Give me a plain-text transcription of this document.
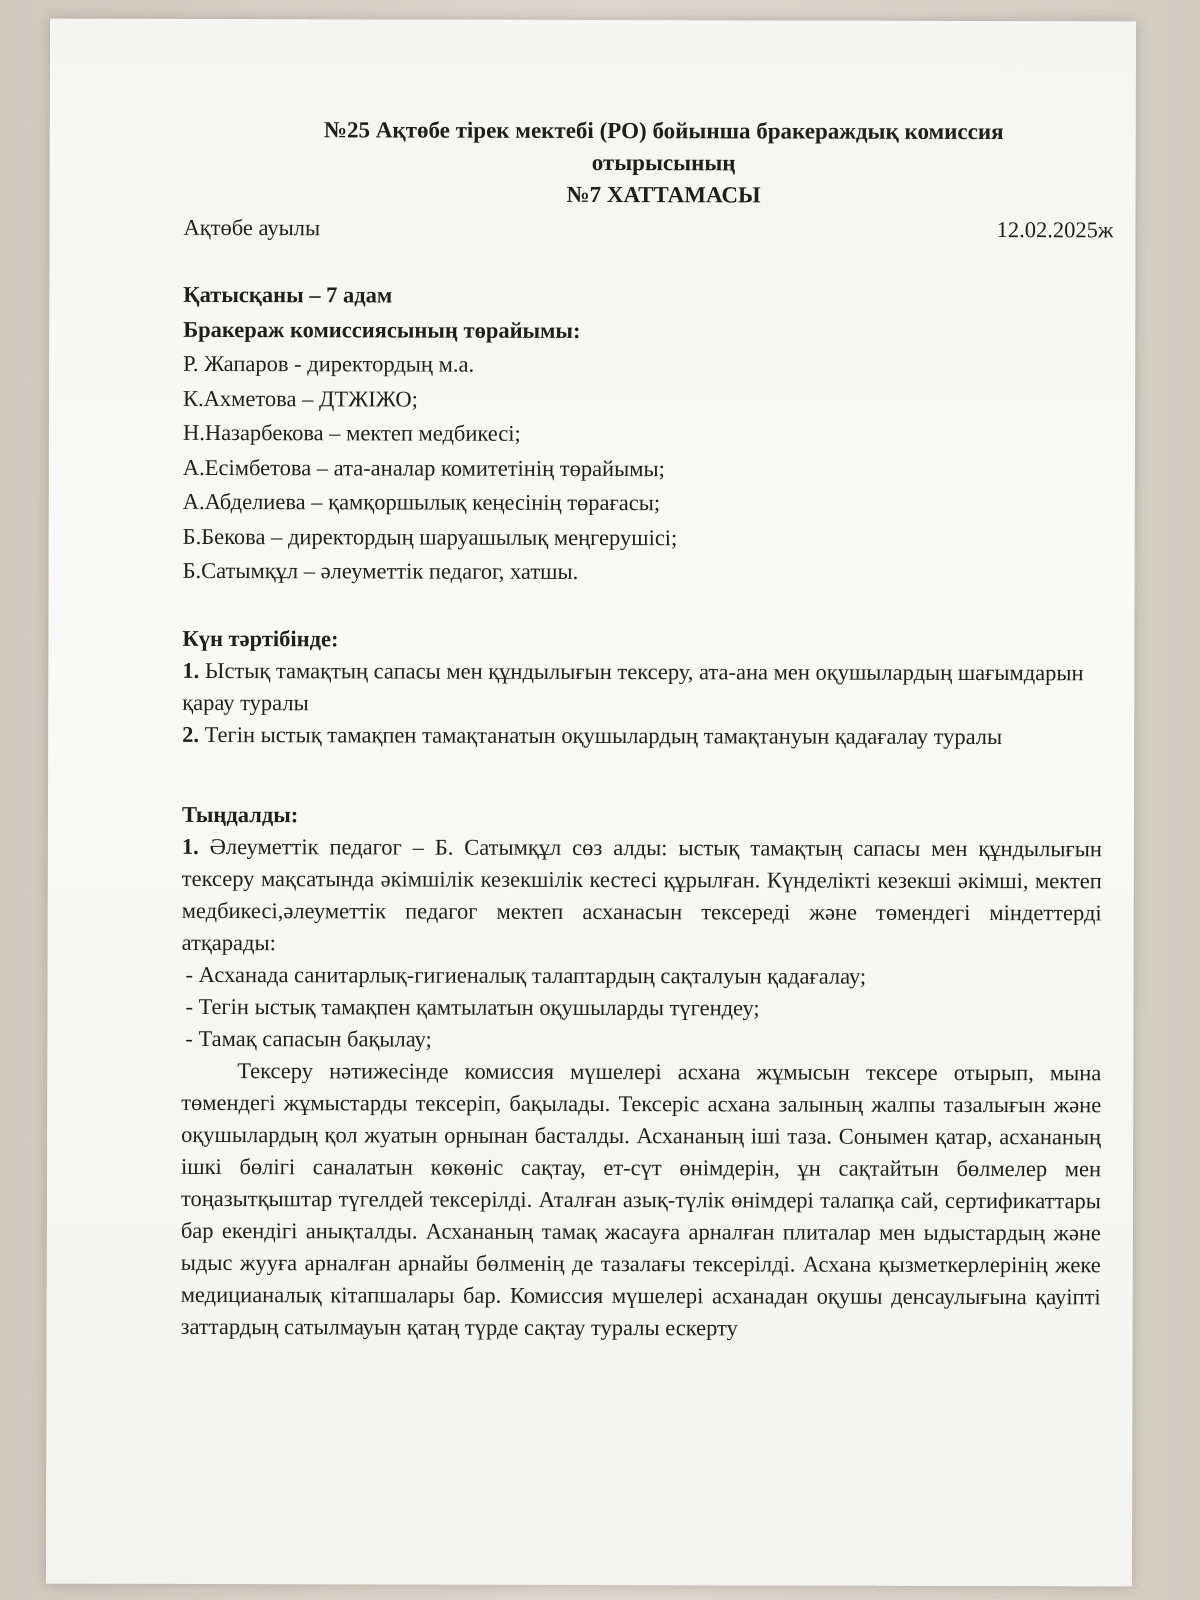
№25 Ақтөбе тірек мектебі (РО) бойынша бракераждық комиссия
отырысының
№7 ХАТТАМАСЫ
Ақтөбе ауылы	12.02.2025ж
Қатысқаны – 7 адам
Бракераж комиссиясының төрайымы:
Р. Жапаров - директордың м.а.
К.Ахметова – ДТЖІЖО;
Н.Назарбекова – мектеп медбикесі;
А.Есімбетова – ата-аналар комитетінің төрайымы;
А.Абделиева – қамқоршылық кеңесінің төрағасы;
Б.Бекова – директордың шаруашылық меңгерушісі;
Б.Сатымқұл – әлеуметтік педагог, хатшы.
Күн тәртібінде:
1. Ыстық тамақтың сапасы мен құндылығын тексеру, ата-ана мен оқушылардың шағымдарын қарау туралы
2. Тегін ыстық тамақпен тамақтанатын оқушылардың тамақтануын қадағалау туралы
Тыңдалды:
1. Әлеуметтік педагог – Б. Сатымқұл сөз алды: ыстық тамақтың сапасы мен құндылығын тексеру мақсатында әкімшілік кезекшілік кестесі құрылған. Күнделікті кезекші әкімші, мектеп медбикесі,әлеуметтік педагог мектеп асханасын тексереді және төмендегі міндеттерді атқарады:
- Асханада санитарлық-гигиеналық талаптардың сақталуын қадағалау;
- Тегін ыстық тамақпен қамтылатын оқушыларды түгендеу;
- Тамақ сапасын бақылау;
Тексеру нәтижесінде комиссия мүшелері асхана жұмысын тексере отырып, мына төмендегі жұмыстарды тексеріп, бақылады. Тексеріс асхана залының жалпы тазалығын және оқушылардың қол жуатын орнынан басталды. Асхананың іші таза. Сонымен қатар, асхананың ішкі бөлігі саналатын көкөніс сақтау, ет-сүт өнімдерін, ұн сақтайтын бөлмелер мен тоңазытқыштар түгелдей тексерілді. Аталған азық-түлік өнімдері талапқа сай, сертификаттары бар екендігі анықталды. Асхананың тамақ жасауға арналған плиталар мен ыдыстардың және ыдыс жууға арналған арнайы бөлменің де тазалағы тексерілді. Асхана қызметкерлерінің жеке медицианалық кітапшалары бар. Комиссия мүшелері асханадан оқушы денсаулығына қауіпті заттардың сатылмауын қатаң түрде сақтау туралы ескерту
